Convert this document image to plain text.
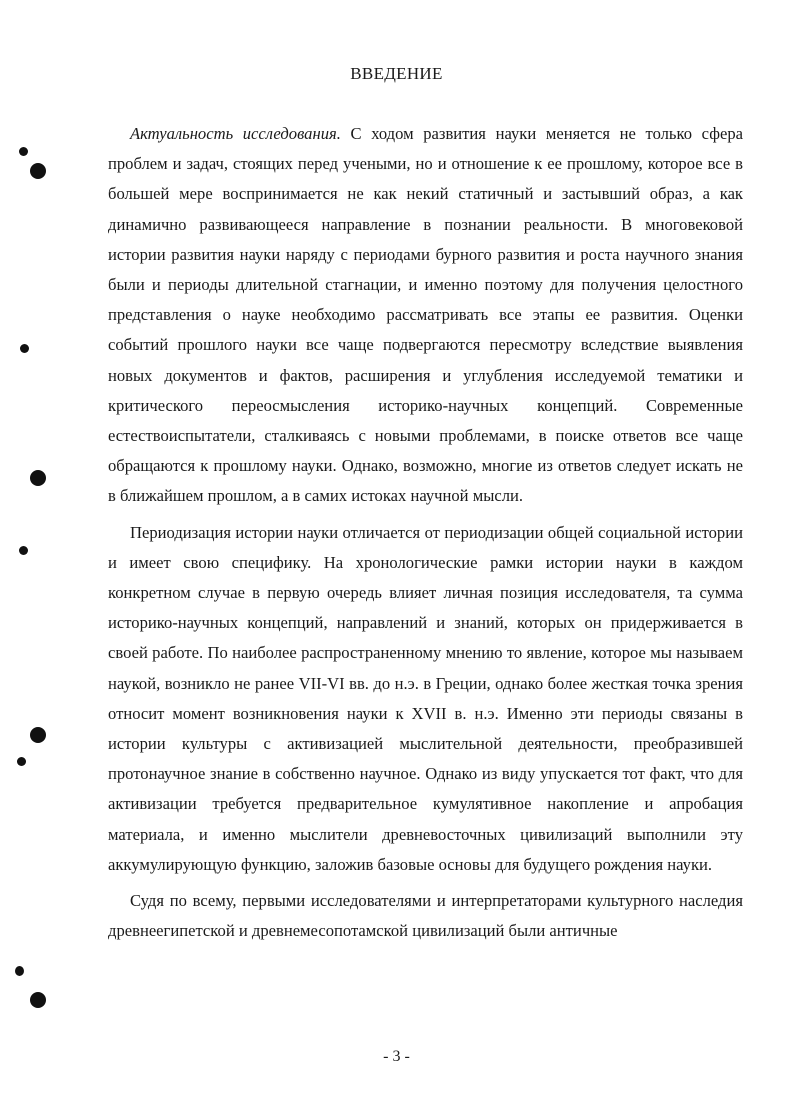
ВВЕДЕНИЕ

Актуальность исследования. С ходом развития науки меняется не только сфера проблем и задач, стоящих перед учеными, но и отношение к ее прошлому, которое все в большей мере воспринимается не как некий статичный и застывший образ, а как динамично развивающееся направление в познании реальности. В многовековой истории развития науки наряду с периодами бурного развития и роста научного знания были и периоды длительной стагнации, и именно поэтому для получения целостного представления о науке необходимо рассматривать все этапы ее развития. Оценки событий прошлого науки все чаще подвергаются пересмотру вследствие выявления новых документов и фактов, расширения и углубления исследуемой тематики и критического переосмысления историко-научных концепций. Современные естествоиспытатели, сталкиваясь с новыми проблемами, в поиске ответов все чаще обращаются к прошлому науки. Однако, возможно, многие из ответов следует искать не в ближайшем прошлом, а в самих истоках научной мысли.

Периодизация истории науки отличается от периодизации общей социальной истории и имеет свою специфику. На хронологические рамки истории науки в каждом конкретном случае в первую очередь влияет личная позиция исследователя, та сумма историко-научных концепций, направлений и знаний, которых он придерживается в своей работе. По наиболее распространенному мнению то явление, которое мы называем наукой, возникло не ранее VII-VI вв. до н.э. в Греции, однако более жесткая точка зрения относит момент возникновения науки к XVII в. н.э. Именно эти периоды связаны в истории культуры с активизацией мыслительной деятельности, преобразившей протонаучное знание в собственно научное. Однако из виду упускается тот факт, что для активизации требуется предварительное кумулятивное накопление и апробация материала, и именно мыслители древневосточных цивилизаций выполнили эту аккумулирующую функцию, заложив базовые основы для будущего рождения науки.

Судя по всему, первыми исследователями и интерпретаторами культурного наследия древнеегипетской и древнемесопотамской цивилизаций были античные

- 3 -
